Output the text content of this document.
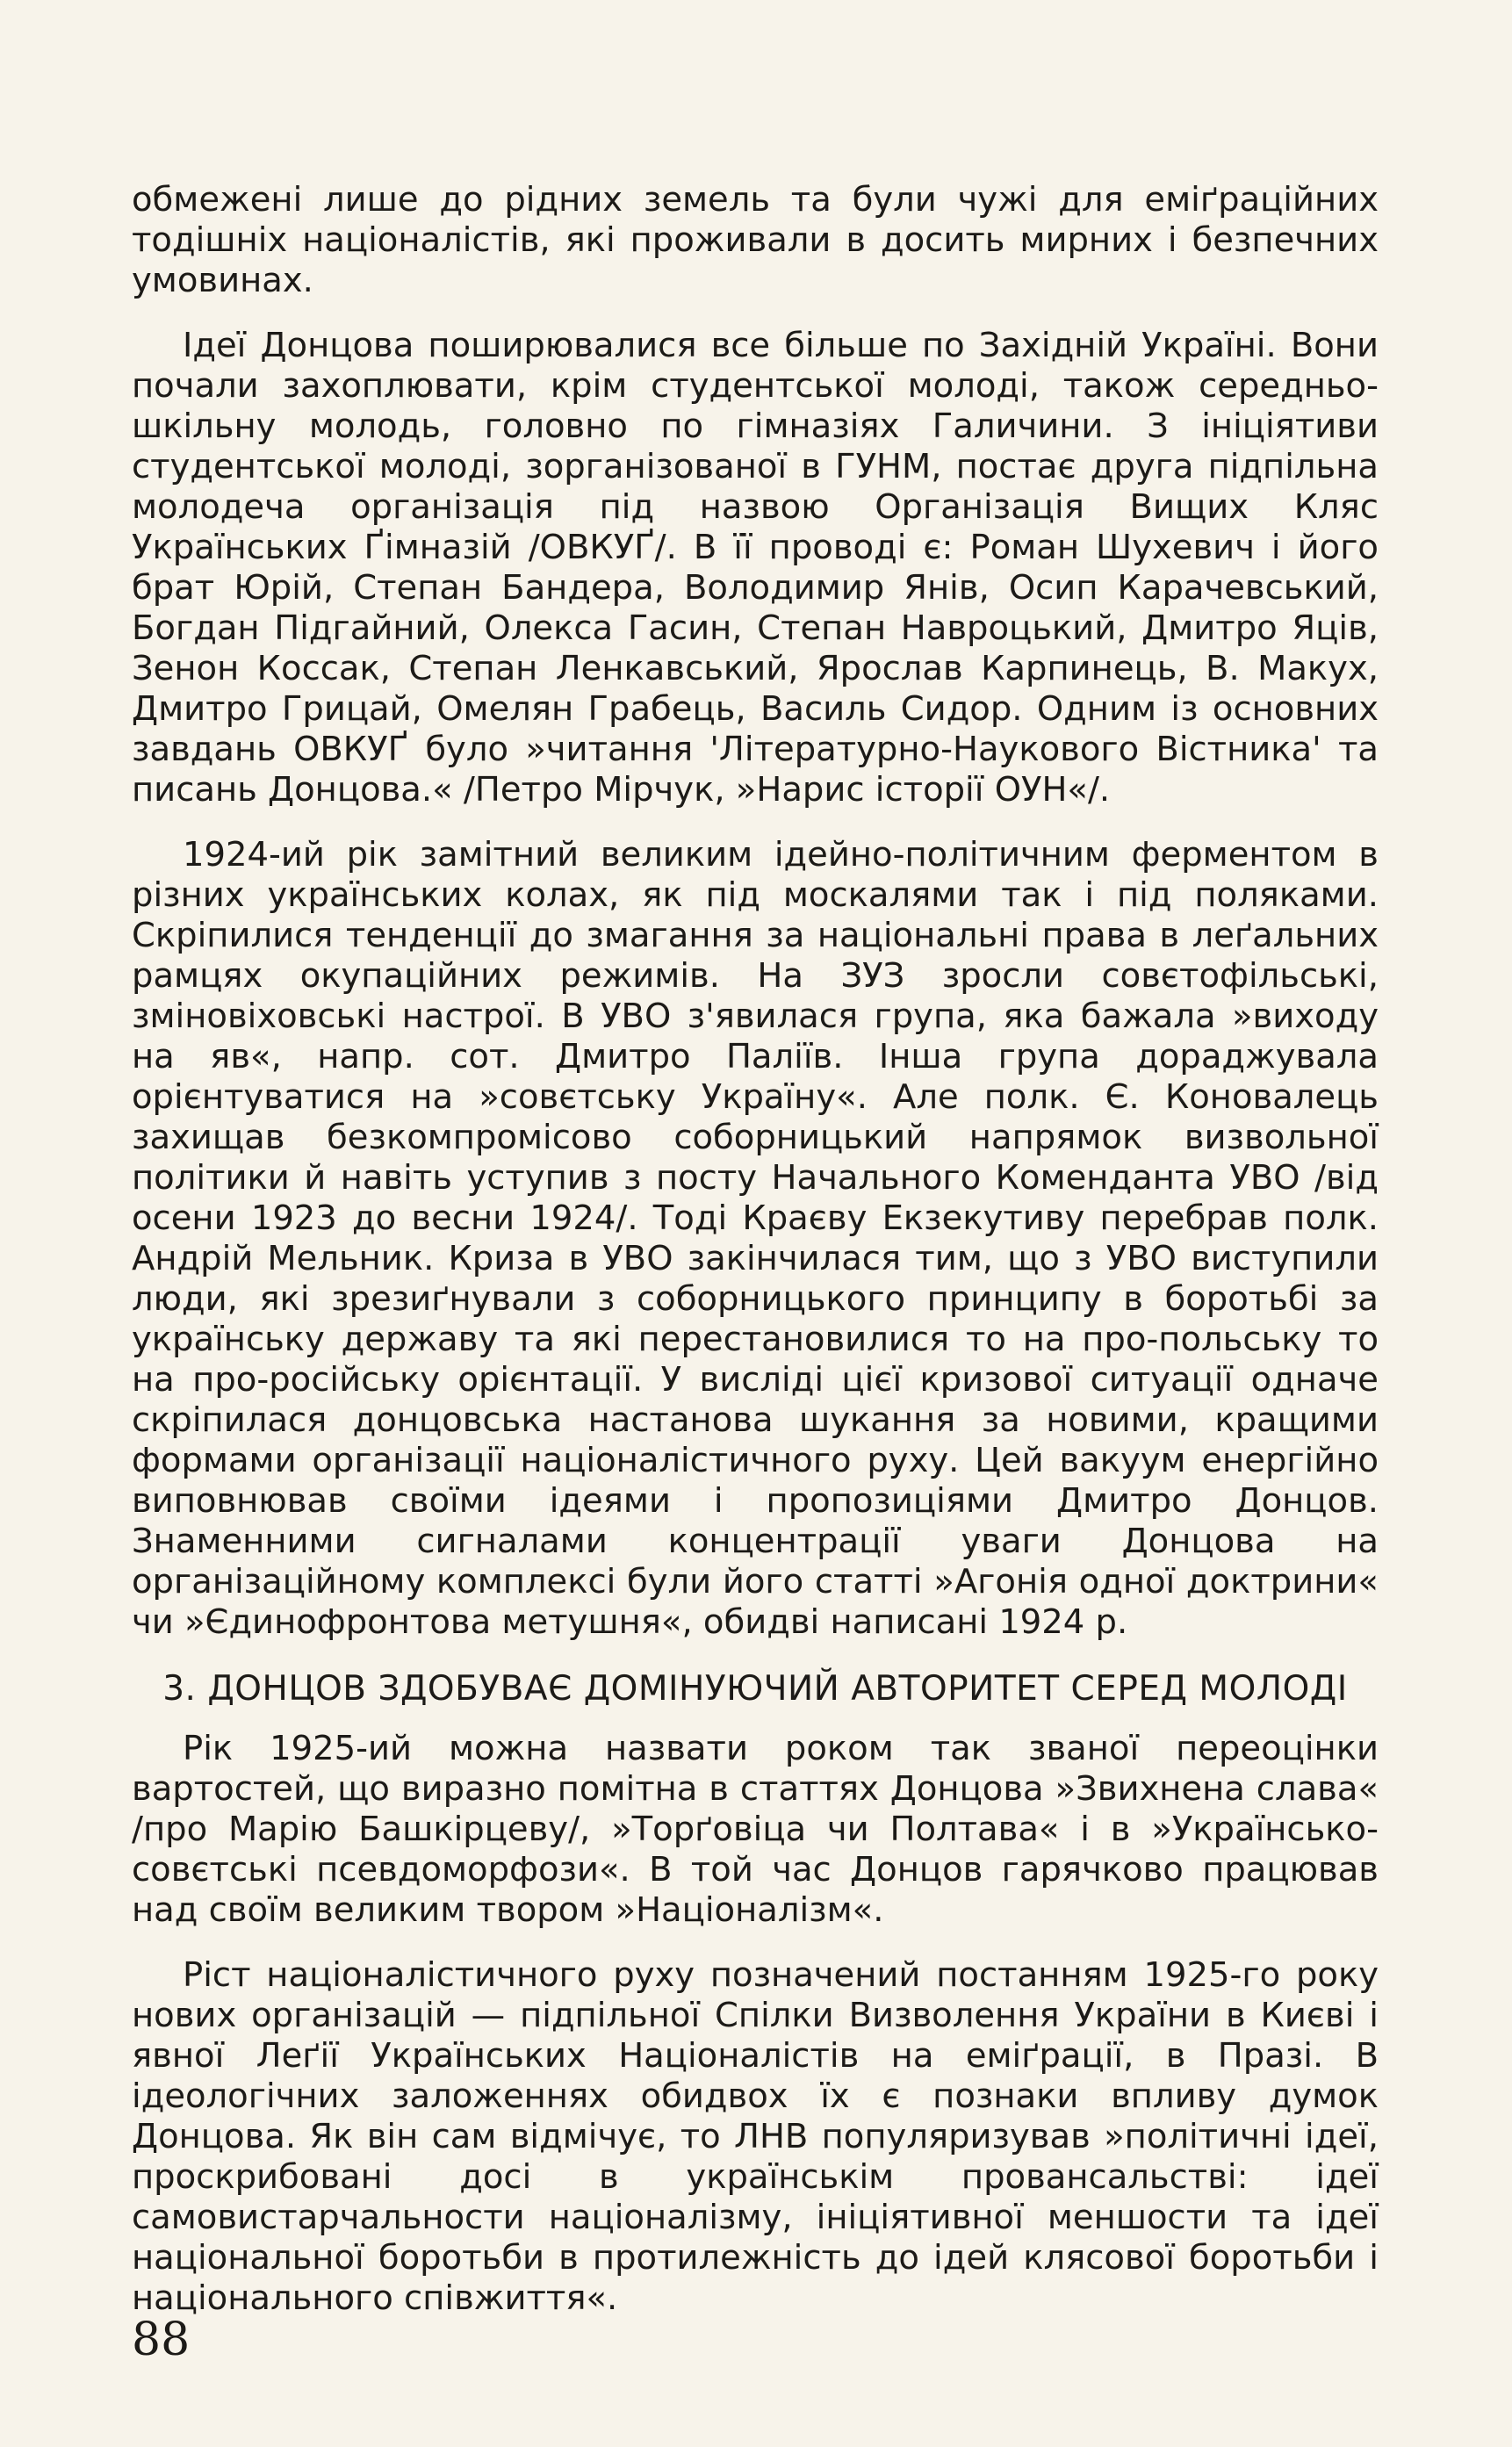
обмежені лише до рідних земель та були чужі для еміґраційних тодішніх націоналістів, які проживали в досить мирних і безпечних умовинах.

Ідеї Донцова поширювалися все більше по Західній Україні. Вони почали захоплювати, крім студентської молоді, також середньо-шкільну молодь, головно по гімназіях Галичини. З ініціятиви студентської молоді, зорганізованої в ГУНМ, постає друга підпільна молодеча організація під назвою Організація Вищих Кляс Українських Ґімназій /ОВКУҐ/. В її проводі є: Роман Шухевич і його брат Юрій, Степан Бандера, Володимир Янів, Осип Карачевський, Богдан Підгайний, Олекса Гасин, Степан Навроцький, Дмитро Яців, Зенон Коссак, Степан Ленкавський, Ярослав Карпинець, В. Макух, Дмитро Грицай, Омелян Грабець, Василь Сидор. Одним із основних завдань ОВКУҐ було »читання 'Літературно-Наукового Вістника' та писань Донцова.« /Петро Мірчук, »Нарис історії ОУН«/.

1924-ий рік замітний великим ідейно-політичним ферментом в різних українських колах, як під москалями так і під поляками. Скріпилися тенденції до змагання за національні права в леґальних рамцях окупаційних режимів. На ЗУЗ зросли совєтофільські, зміновіховські настрої. В УВО з'явилася група, яка бажала »виходу на яв«, напр. сот. Дмитро Паліїв. Інша група дораджувала орієнтуватися на »совєтську Україну«. Але полк. Є. Коновалець захищав безкомпромісово соборницький напрямок визвольної політики й навіть уступив з посту Начального Коменданта УВО /від осени 1923 до весни 1924/. Тоді Краєву Екзекутиву перебрав полк. Андрій Мельник. Криза в УВО закінчилася тим, що з УВО виступили люди, які зрезиґнували з соборницького принципу в боротьбі за українську державу та які перестановилися то на про-польську то на про-російську орієнтації. У висліді цієї кризової ситуації одначе скріпилася донцовська настанова шукання за новими, кращими формами організації націоналістичного руху. Цей вакуум енергійно виповнював своїми ідеями і пропозиціями Дмитро Донцов. Знаменними сигналами концентрації уваги Донцова на організаційному комплексі були його статті »Агонія одної доктрини« чи »Єдинофронтова метушня«, обидві написані 1924 р.

3. ДОНЦОВ ЗДОБУВАЄ ДОМІНУЮЧИЙ АВТОРИТЕТ СЕРЕД МОЛОДІ

Рік 1925-ий можна назвати роком так званої переоцінки вартостей, що виразно помітна в статтях Донцова »Звихнена слава« /про Марію Башкірцеву/, »Торґовіца чи Полтава« і в »Українсько-совєтські псевдоморфози«. В той час Донцов гарячково працював над своїм великим твором »Націоналізм«.

Ріст націоналістичного руху позначений постанням 1925-го року нових організацій — підпільної Спілки Визволення України в Києві і явної Леґії Українських Націоналістів на еміґрації, в Празі. В ідеологічних заложеннях обидвох їх є познаки впливу думок Донцова. Як він сам відмічує, то ЛНВ популяризував »політичні ідеї, проскрибовані досі в українськім провансальстві: ідеї самовистарчальности націоналізму, ініціятивної меншости та ідеї національної боротьби в протилежність до ідей клясової боротьби і національного співжиття«.

88
